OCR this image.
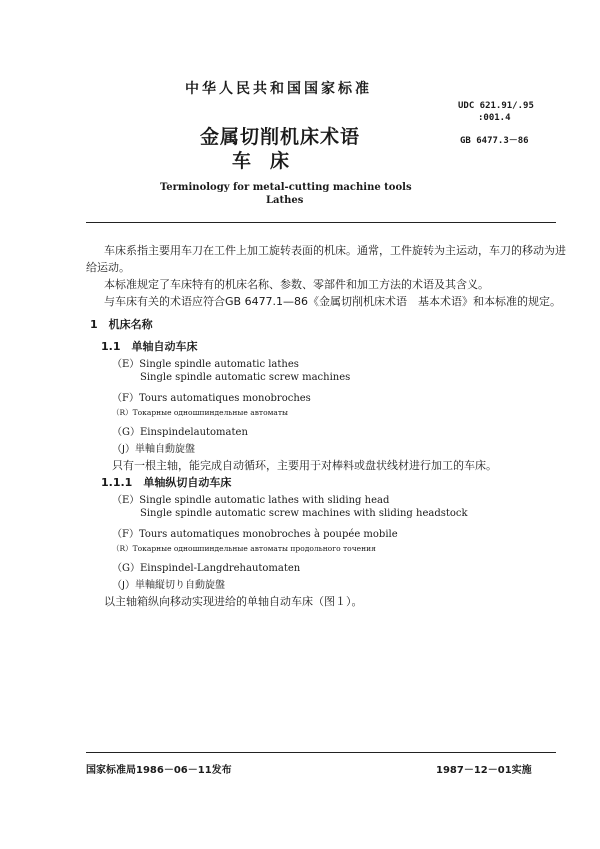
中华人民共和国国家标准
UDC 621.91/.95
:001.4
GB 6477.3－86
金属切削机床术语
车　床
Terminology for metal-cutting machine tools
Lathes
车床系指主要用车刀在工件上加工旋转表面的机床。通常，工件旋转为主运动，车刀的移动为进
给运动。
本标准规定了车床特有的机床名称、参数、零部件和加工方法的术语及其含义。
与车床有关的术语应符合GB 6477.1—86《金属切削机床术语　基本术语》和本标准的规定。
1　机床名称
1.1　单轴自动车床
（E）Single spindle automatic lathes
Single spindle automatic screw machines
（F）Tours automatiques monobroches
（R）Токарные одношпиндельные автоматы
（G）Einspindelautomaten
（J）単軸自動旋盤
只有一根主轴，能完成自动循环，主要用于对棒料或盘状线材进行加工的车床。
1.1.1　单轴纵切自动车床
（E）Single spindle automatic lathes with sliding head
Single spindle automatic screw machines with sliding headstock
（F）Tours automatiques monobroches à poupée mobile
（R）Токарные одношпиндельные автоматы продольного точения
（G）Einspindel-Langdrehautomaten
（J）単軸縦切り自動旋盤
以主轴箱纵向移动实现进给的单轴自动车床（图１）。
国家标准局1986－06－11发布	1987－12－01实施
